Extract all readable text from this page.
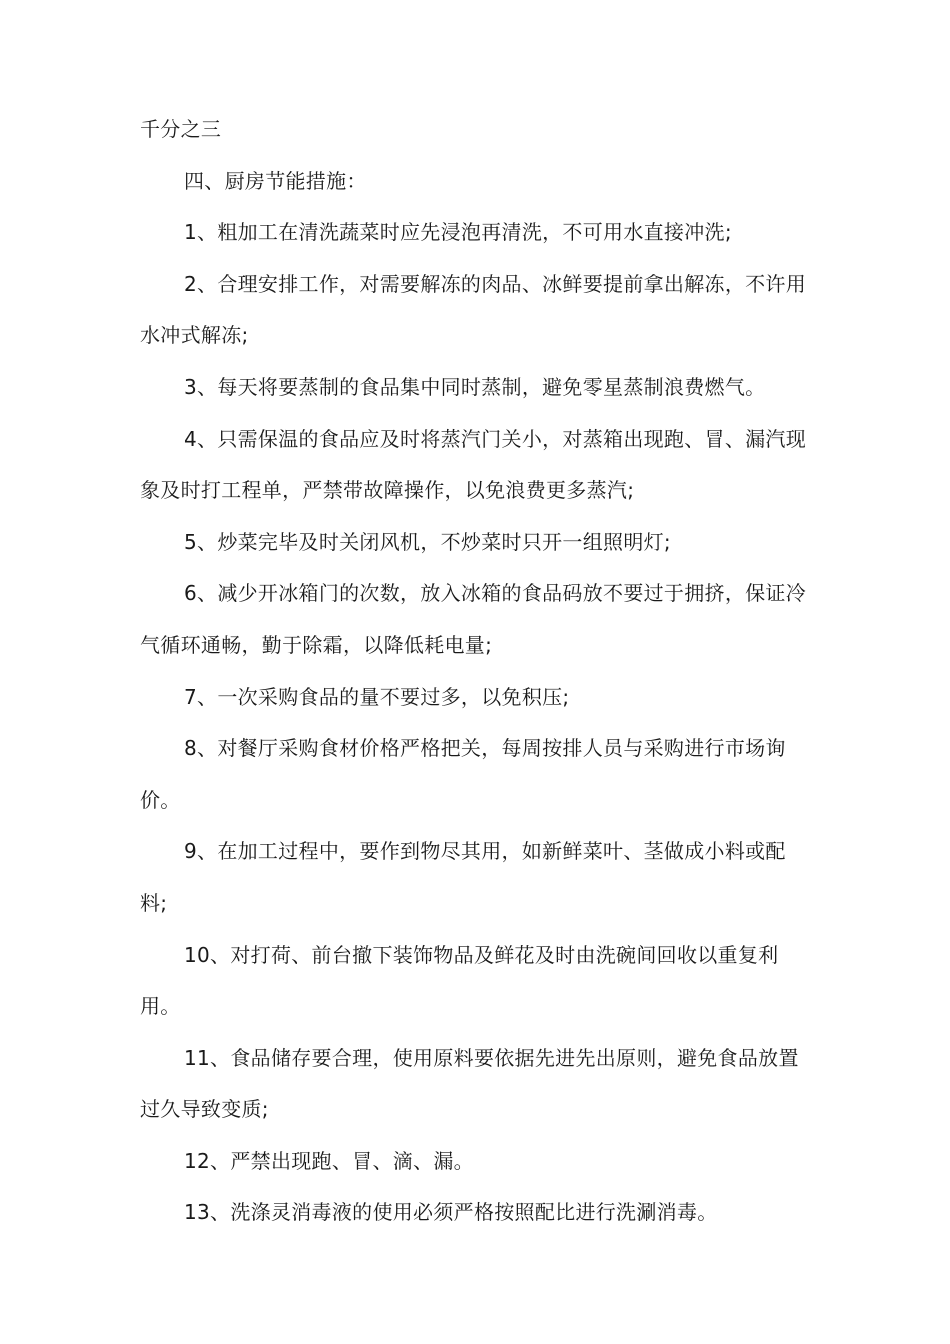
千分之三

四、厨房节能措施：

1、粗加工在清洗蔬菜时应先浸泡再清洗，不可用水直接冲洗;

2、合理安排工作，对需要解冻的肉品、冰鲜要提前拿出解冻，不许用水冲式解冻;

3、每天将要蒸制的食品集中同时蒸制，避免零星蒸制浪费燃气。

4、只需保温的食品应及时将蒸汽门关小，对蒸箱出现跑、冒、漏汽现象及时打工程单，严禁带故障操作，以免浪费更多蒸汽;

5、炒菜完毕及时关闭风机，不炒菜时只开一组照明灯;

6、减少开冰箱门的次数，放入冰箱的食品码放不要过于拥挤，保证冷气循环通畅，勤于除霜，以降低耗电量;

7、一次采购食品的量不要过多，以免积压;

8、对餐厅采购食材价格严格把关，每周按排人员与采购进行市场询价。

9、在加工过程中，要作到物尽其用，如新鲜菜叶、茎做成小料或配料;

10、对打荷、前台撤下装饰物品及鲜花及时由洗碗间回收以重复利用。

11、食品储存要合理，使用原料要依据先进先出原则，避免食品放置过久导致变质;

12、严禁出现跑、冒、滴、漏。

13、洗涤灵消毒液的使用必须严格按照配比进行洗涮消毒。
